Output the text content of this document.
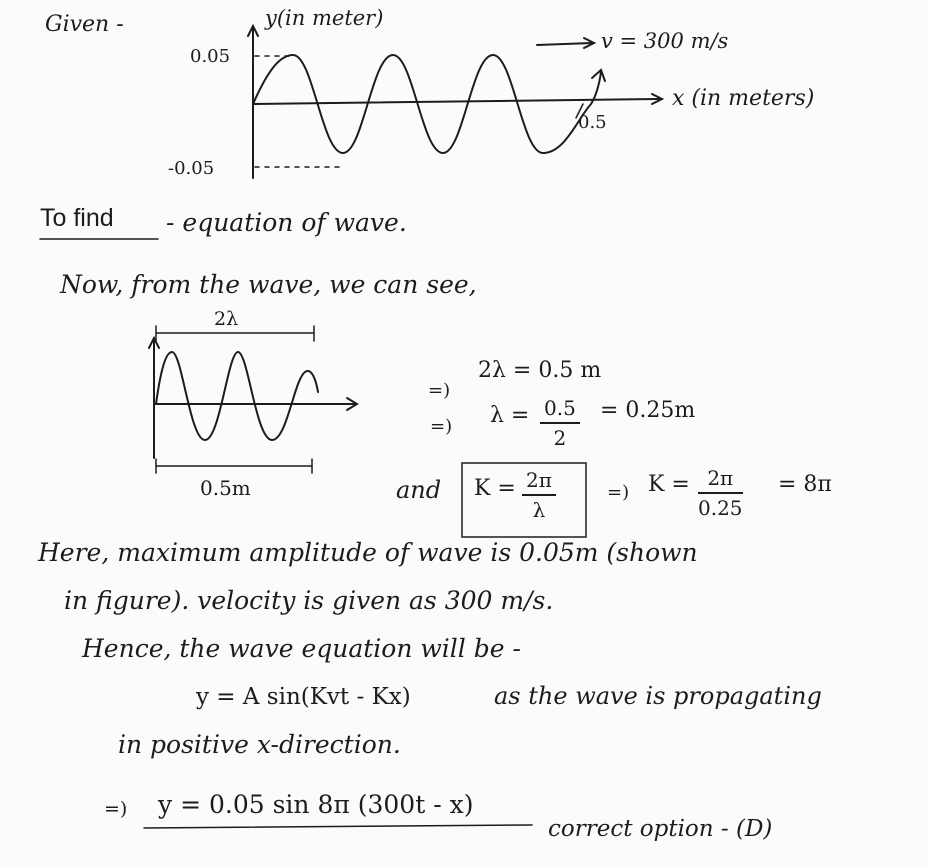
Given -	y(in meter)
0.05
-0.05
v = 300 m/s
x (in meters)
0.5
To find - equation of wave.
Now, from the wave, we can see,
2λ
0.5m
=)
2λ = 0.5 m
=) $\lambda = \frac{0.5}{2} = 0.25m$
and $K = \frac{2\pi}{\lambda}$	=) $K = \frac{2\pi}{0.25} = 8\pi$
Here, maximum amplitude of wave is 0.05m (shown
in figure). velocity is given as 300 m/s.
Hence, the wave equation will be -
y = A sin(Kvt - Kx)	as the wave is propagating
in positive x-direction.
=) y = 0.05 sin 8π (300t - x)
correct option - (D)
